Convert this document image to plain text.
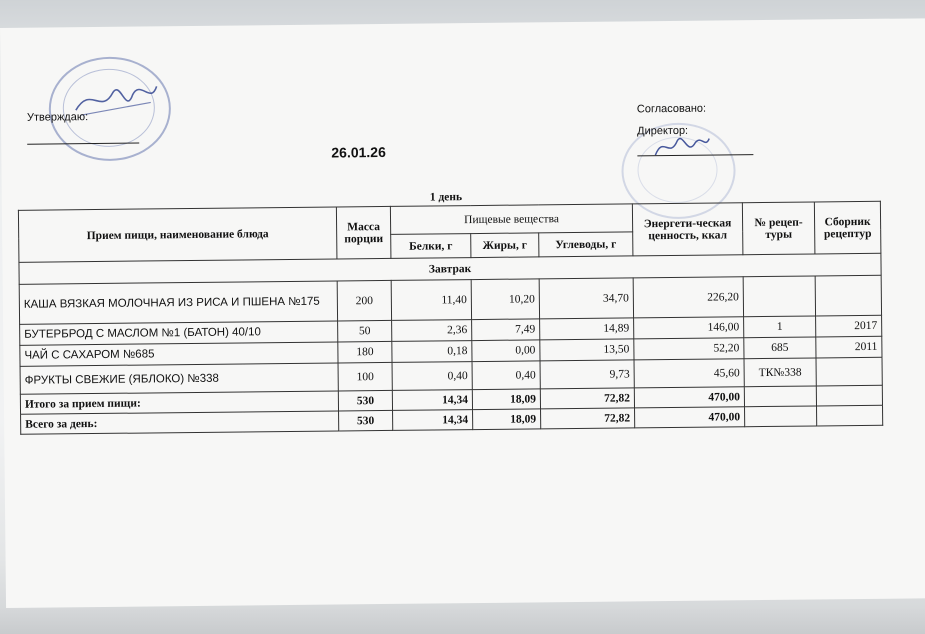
Утверждаю:
Согласовано:
Директор:
26.01.26
1 день
Прием пищи, наименование блюда	Масса порции	Пищевые вещества			Энергети-ческая ценность, ккал	№ рецеп-туры	Сборник рецептур
		Белки, г	Жиры, г	Углеводы, г			
Завтрак							
КАША ВЯЗКАЯ МОЛОЧНАЯ ИЗ РИСА И ПШЕНА №175	200	11,40	10,20	34,70	226,20		
БУТЕРБРОД С МАСЛОМ №1 (БАТОН) 40/10	50	2,36	7,49	14,89	146,00	1	2017
ЧАЙ С САХАРОМ №685	180	0,18	0,00	13,50	52,20	685	2011
ФРУКТЫ СВЕЖИЕ (ЯБЛОКО) №338	100	0,40	0,40	9,73	45,60	ТК№338	
Итого за прием пищи:	530	14,34	18,09	72,82	470,00		
Всего за день:	530	14,34	18,09	72,82	470,00		
